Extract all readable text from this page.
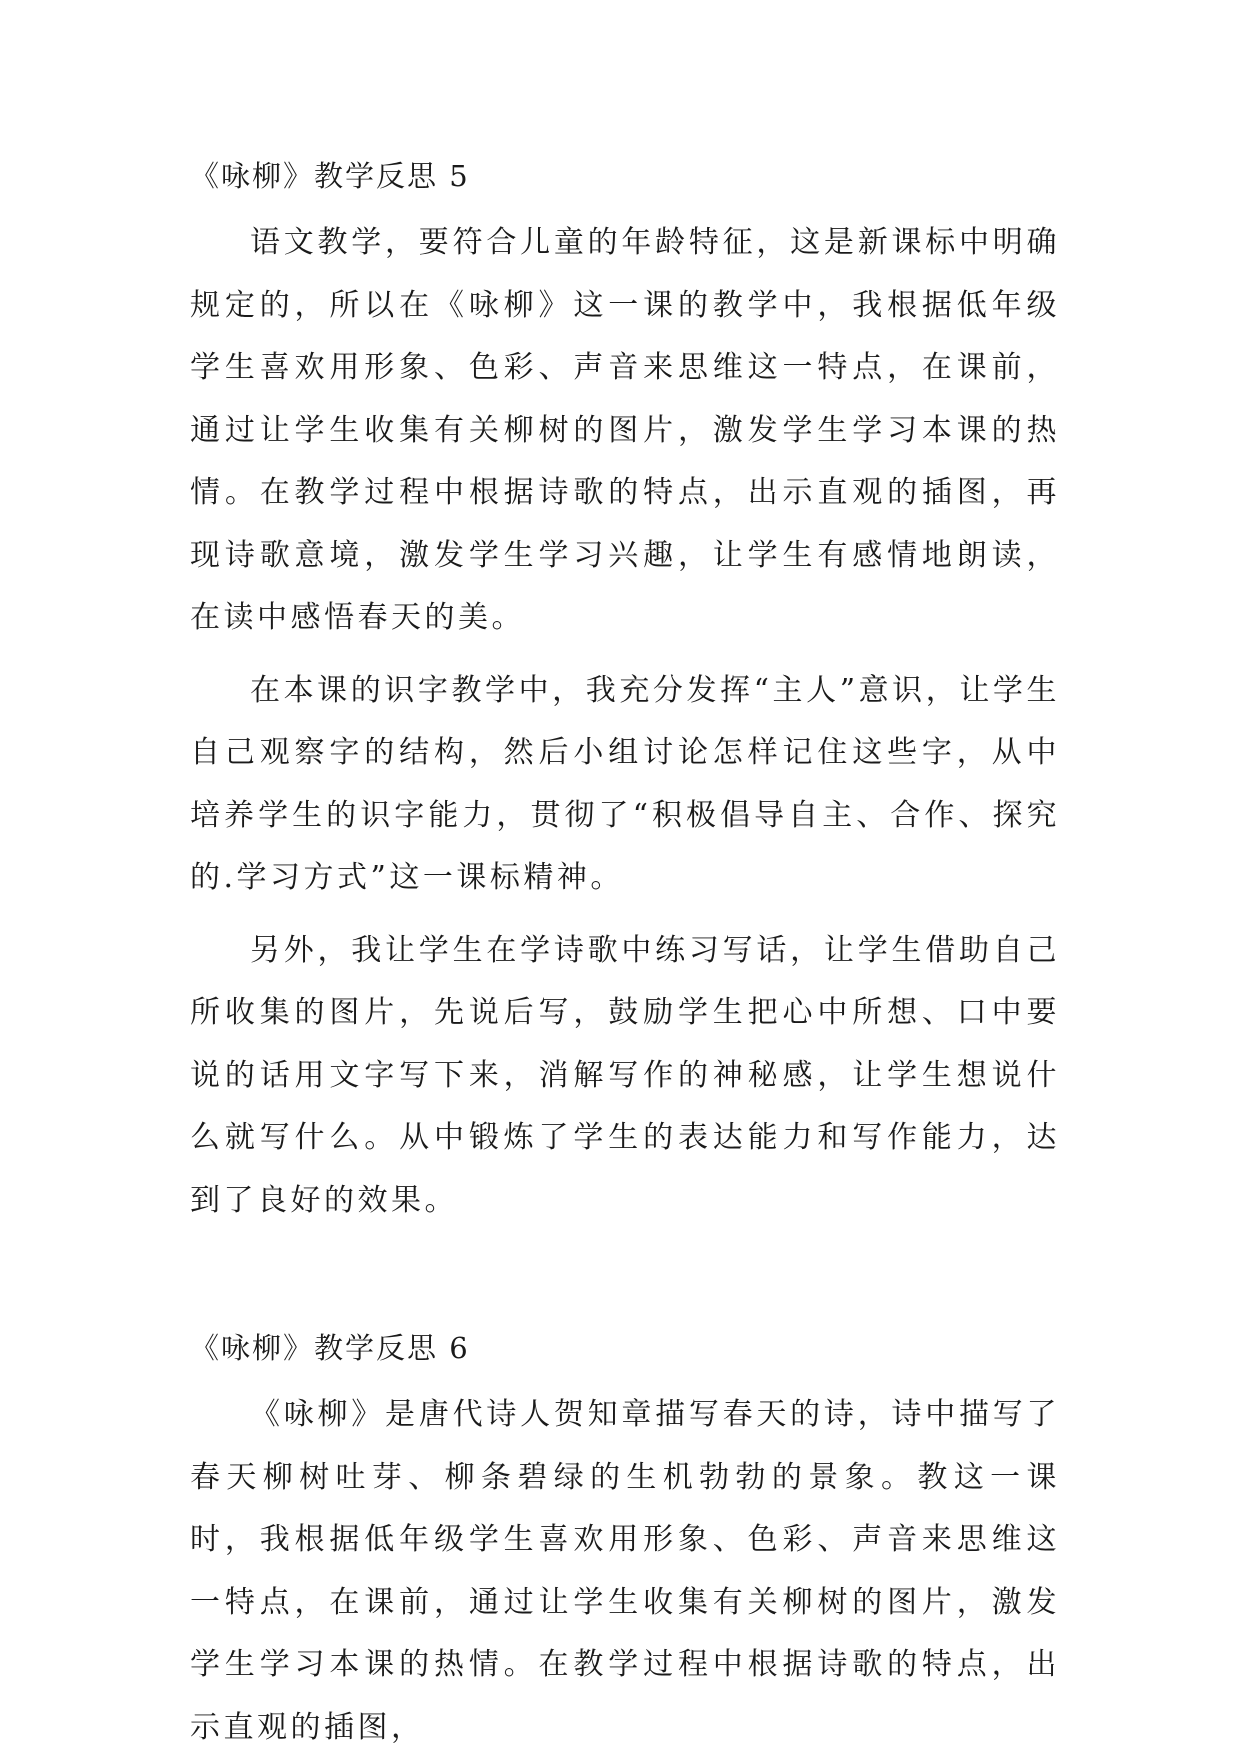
《咏柳》教学反思 5

语文教学，要符合儿童的年龄特征，这是新课标中明确规定的，所以在《咏柳》这一课的教学中，我根据低年级学生喜欢用形象、色彩、声音来思维这一特点，在课前，通过让学生收集有关柳树的图片，激发学生学习本课的热情。在教学过程中根据诗歌的特点，出示直观的插图，再现诗歌意境，激发学生学习兴趣，让学生有感情地朗读，在读中感悟春天的美。

在本课的识字教学中，我充分发挥“主人”意识，让学生自己观察字的结构，然后小组讨论怎样记住这些字，从中培养学生的识字能力，贯彻了“积极倡导自主、合作、探究的.学习方式”这一课标精神。

另外，我让学生在学诗歌中练习写话，让学生借助自己所收集的图片，先说后写，鼓励学生把心中所想、口中要说的话用文字写下来，消解写作的神秘感，让学生想说什么就写什么。从中锻炼了学生的表达能力和写作能力，达到了良好的效果。

《咏柳》教学反思 6

《咏柳》是唐代诗人贺知章描写春天的诗，诗中描写了春天柳树吐芽、柳条碧绿的生机勃勃的景象。教这一课时，我根据低年级学生喜欢用形象、色彩、声音来思维这一特点，在课前，通过让学生收集有关柳树的图片，激发学生学习本课的热情。在教学过程中根据诗歌的特点，出示直观的插图，
